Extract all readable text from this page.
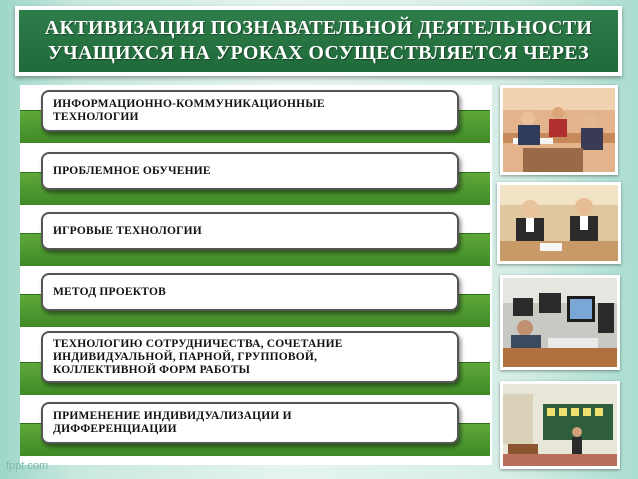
АКТИВИЗАЦИЯ ПОЗНАВАТЕЛЬНОЙ ДЕЯТЕЛЬНОСТИ
УЧАЩИХСЯ НА УРОКАХ ОСУЩЕСТВЛЯЕТСЯ ЧЕРЕЗ
ИНФОРМАЦИОННО-КОММУНИКАЦИОННЫЕ
ТЕХНОЛОГИИ
ПРОБЛЕМНОЕ ОБУЧЕНИЕ
ИГРОВЫЕ ТЕХНОЛОГИИ
МЕТОД ПРОЕКТОВ
ТЕХНОЛОГИЮ СОТРУДНИЧЕСТВА, СОЧЕТАНИЕ
ИНДИВИДУАЛЬНОЙ, ПАРНОЙ, ГРУППОВОЙ,
КОЛЛЕКТИВНОЙ ФОРМ РАБОТЫ
ПРИМЕНЕНИЕ ИНДИВИДУАЛИЗАЦИИ И
ДИФФЕРЕНЦИАЦИИ
fppt.com
